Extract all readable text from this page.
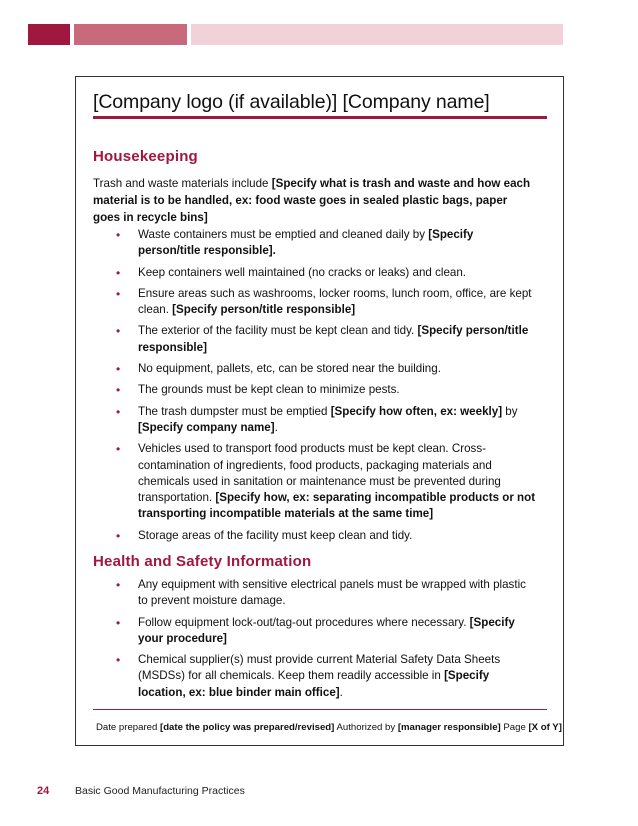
[Company logo (if available)] [Company name]
Housekeeping
Trash and waste materials include [Specify what is trash and waste and how each material is to be handled, ex: food waste goes in sealed plastic bags, paper goes in recycle bins]
• Waste containers must be emptied and cleaned daily by [Specify person/title responsible].
• Keep containers well maintained (no cracks or leaks) and clean.
• Ensure areas such as washrooms, locker rooms, lunch room, office, are kept clean. [Specify person/title responsible]
• The exterior of the facility must be kept clean and tidy. [Specify person/title responsible]
• No equipment, pallets, etc, can be stored near the building.
• The grounds must be kept clean to minimize pests.
• The trash dumpster must be emptied [Specify how often, ex: weekly] by [Specify company name].
• Vehicles used to transport food products must be kept clean. Cross-contamination of ingredients, food products, packaging materials and chemicals used in sanitation or maintenance must be prevented during transportation. [Specify how, ex: separating incompatible products or not transporting incompatible materials at the same time]
• Storage areas of the facility must keep clean and tidy.
Health and Safety Information
• Any equipment with sensitive electrical panels must be wrapped with plastic to prevent moisture damage.
• Follow equipment lock-out/tag-out procedures where necessary. [Specify your procedure]
• Chemical supplier(s) must provide current Material Safety Data Sheets (MSDSs) for all chemicals. Keep them readily accessible in [Specify location, ex: blue binder main office].
Date prepared [date the policy was prepared/revised] Authorized by [manager responsible] Page [X of Y]
24 Basic Good Manufacturing Practices
